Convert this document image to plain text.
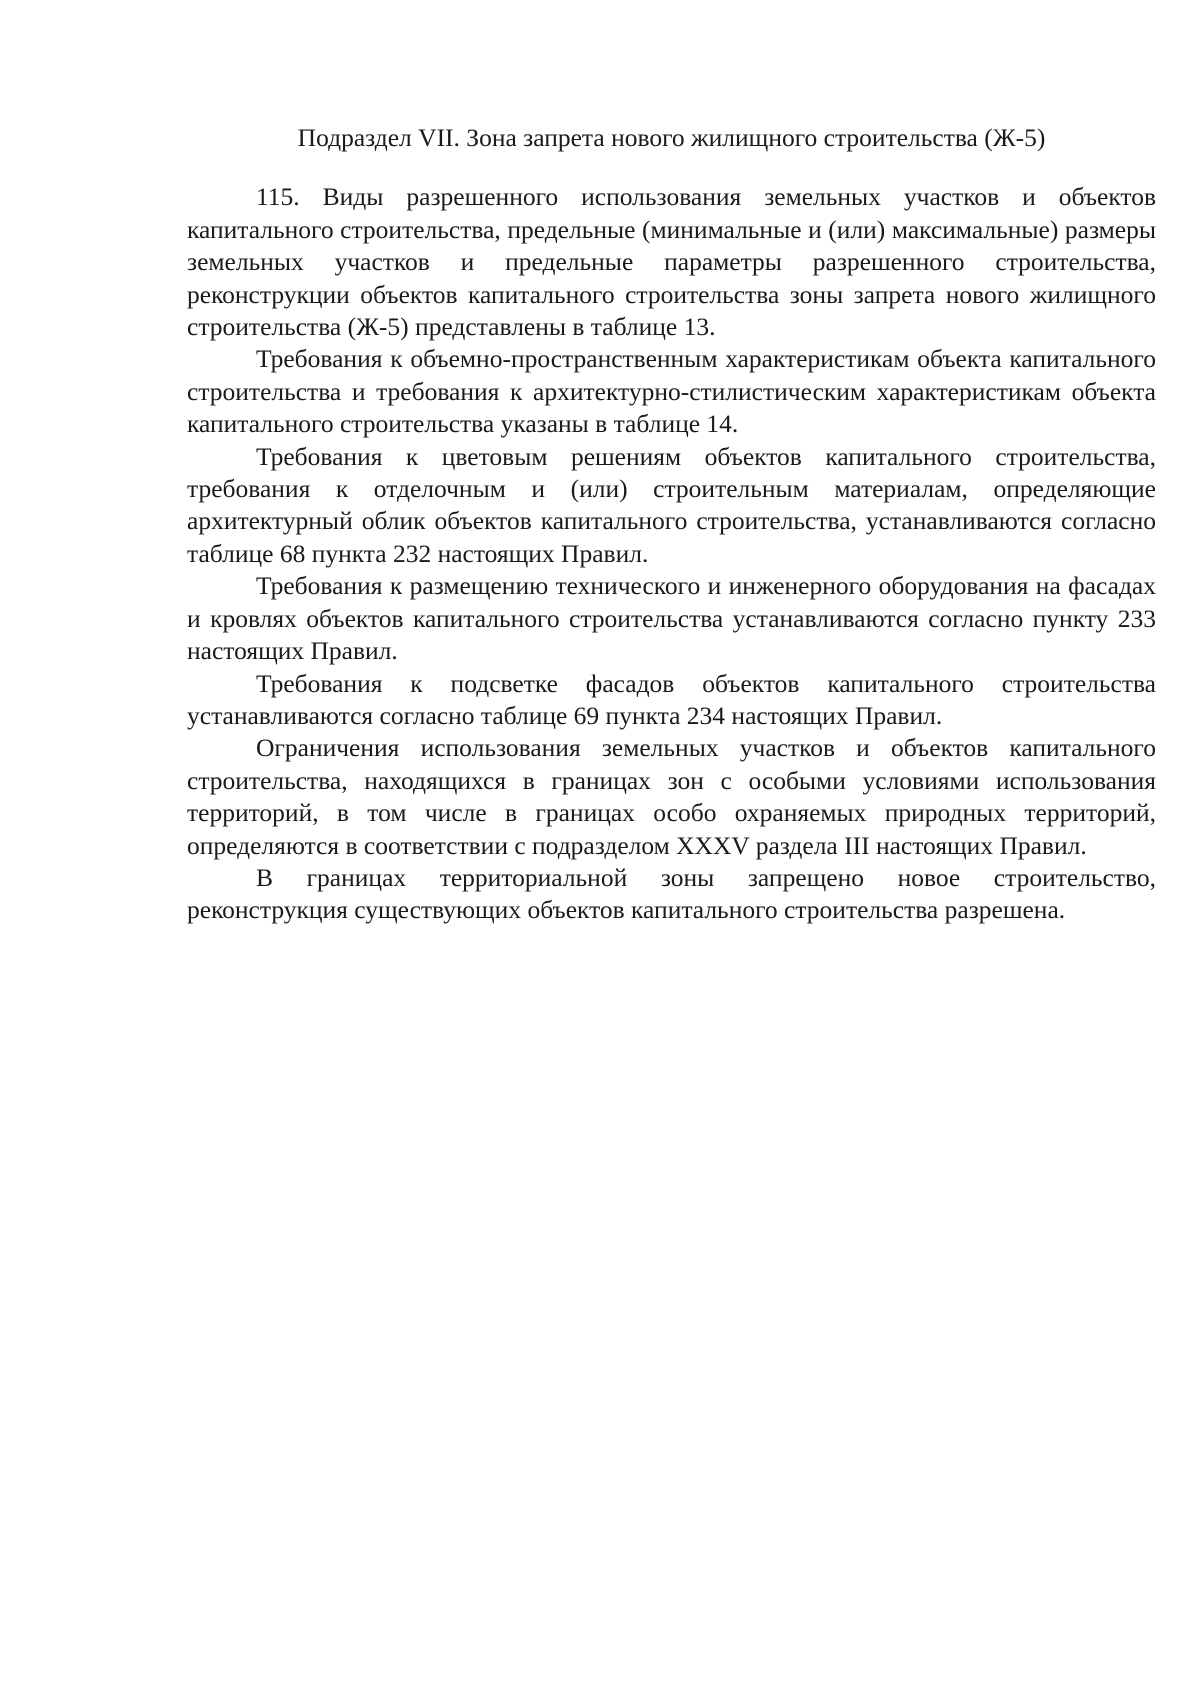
Подраздел VII. Зона запрета нового жилищного строительства (Ж-5)

115. Виды разрешенного использования земельных участков и объектов капитального строительства, предельные (минимальные и (или) максимальные) размеры земельных участков и предельные параметры разрешенного строительства, реконструкции объектов капитального строительства зоны запрета нового жилищного строительства (Ж-5) представлены в таблице 13.

Требования к объемно-пространственным характеристикам объекта капитального строительства и требования к архитектурно-стилистическим характеристикам объекта капитального строительства указаны в таблице 14.

Требования к цветовым решениям объектов капитального строительства, требования к отделочным и (или) строительным материалам, определяющие архитектурный облик объектов капитального строительства, устанавливаются согласно таблице 68 пункта 232 настоящих Правил.

Требования к размещению технического и инженерного оборудования на фасадах и кровлях объектов капитального строительства устанавливаются согласно пункту 233 настоящих Правил.

Требования к подсветке фасадов объектов капитального строительства устанавливаются согласно таблице 69 пункта 234 настоящих Правил.

Ограничения использования земельных участков и объектов капитального строительства, находящихся в границах зон с особыми условиями использования территорий, в том числе в границах особо охраняемых природных территорий, определяются в соответствии с подразделом XXXV раздела III настоящих Правил.

В границах территориальной зоны запрещено новое строительство, реконструкция существующих объектов капитального строительства разрешена.
